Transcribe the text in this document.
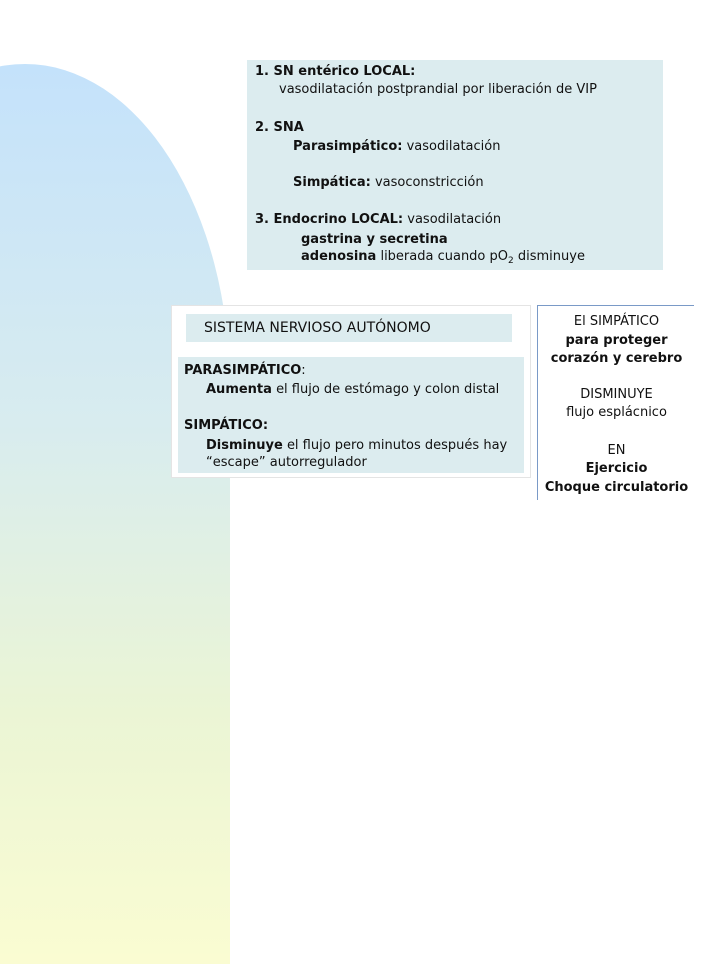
1. SN entérico LOCAL:
vasodilatación postprandial por liberación de VIP
2. SNA
Parasimpático: vasodilatación
Simpática: vasoconstricción
3. Endocrino LOCAL: vasodilatación
gastrina y secretina
adenosina liberada cuando $pO_2$ disminuye
SISTEMA NERVIOSO AUTÓNOMO
PARASIMPÁTICO:
Aumenta el flujo de estómago y colon distal
SIMPÁTICO:
Disminuye el flujo pero minutos después hay
“escape” autorregulador
El SIMPÁTICO
para proteger
corazón y cerebro
DISMINUYE
flujo esplácnico
EN
Ejercicio
Choque circulatorio
